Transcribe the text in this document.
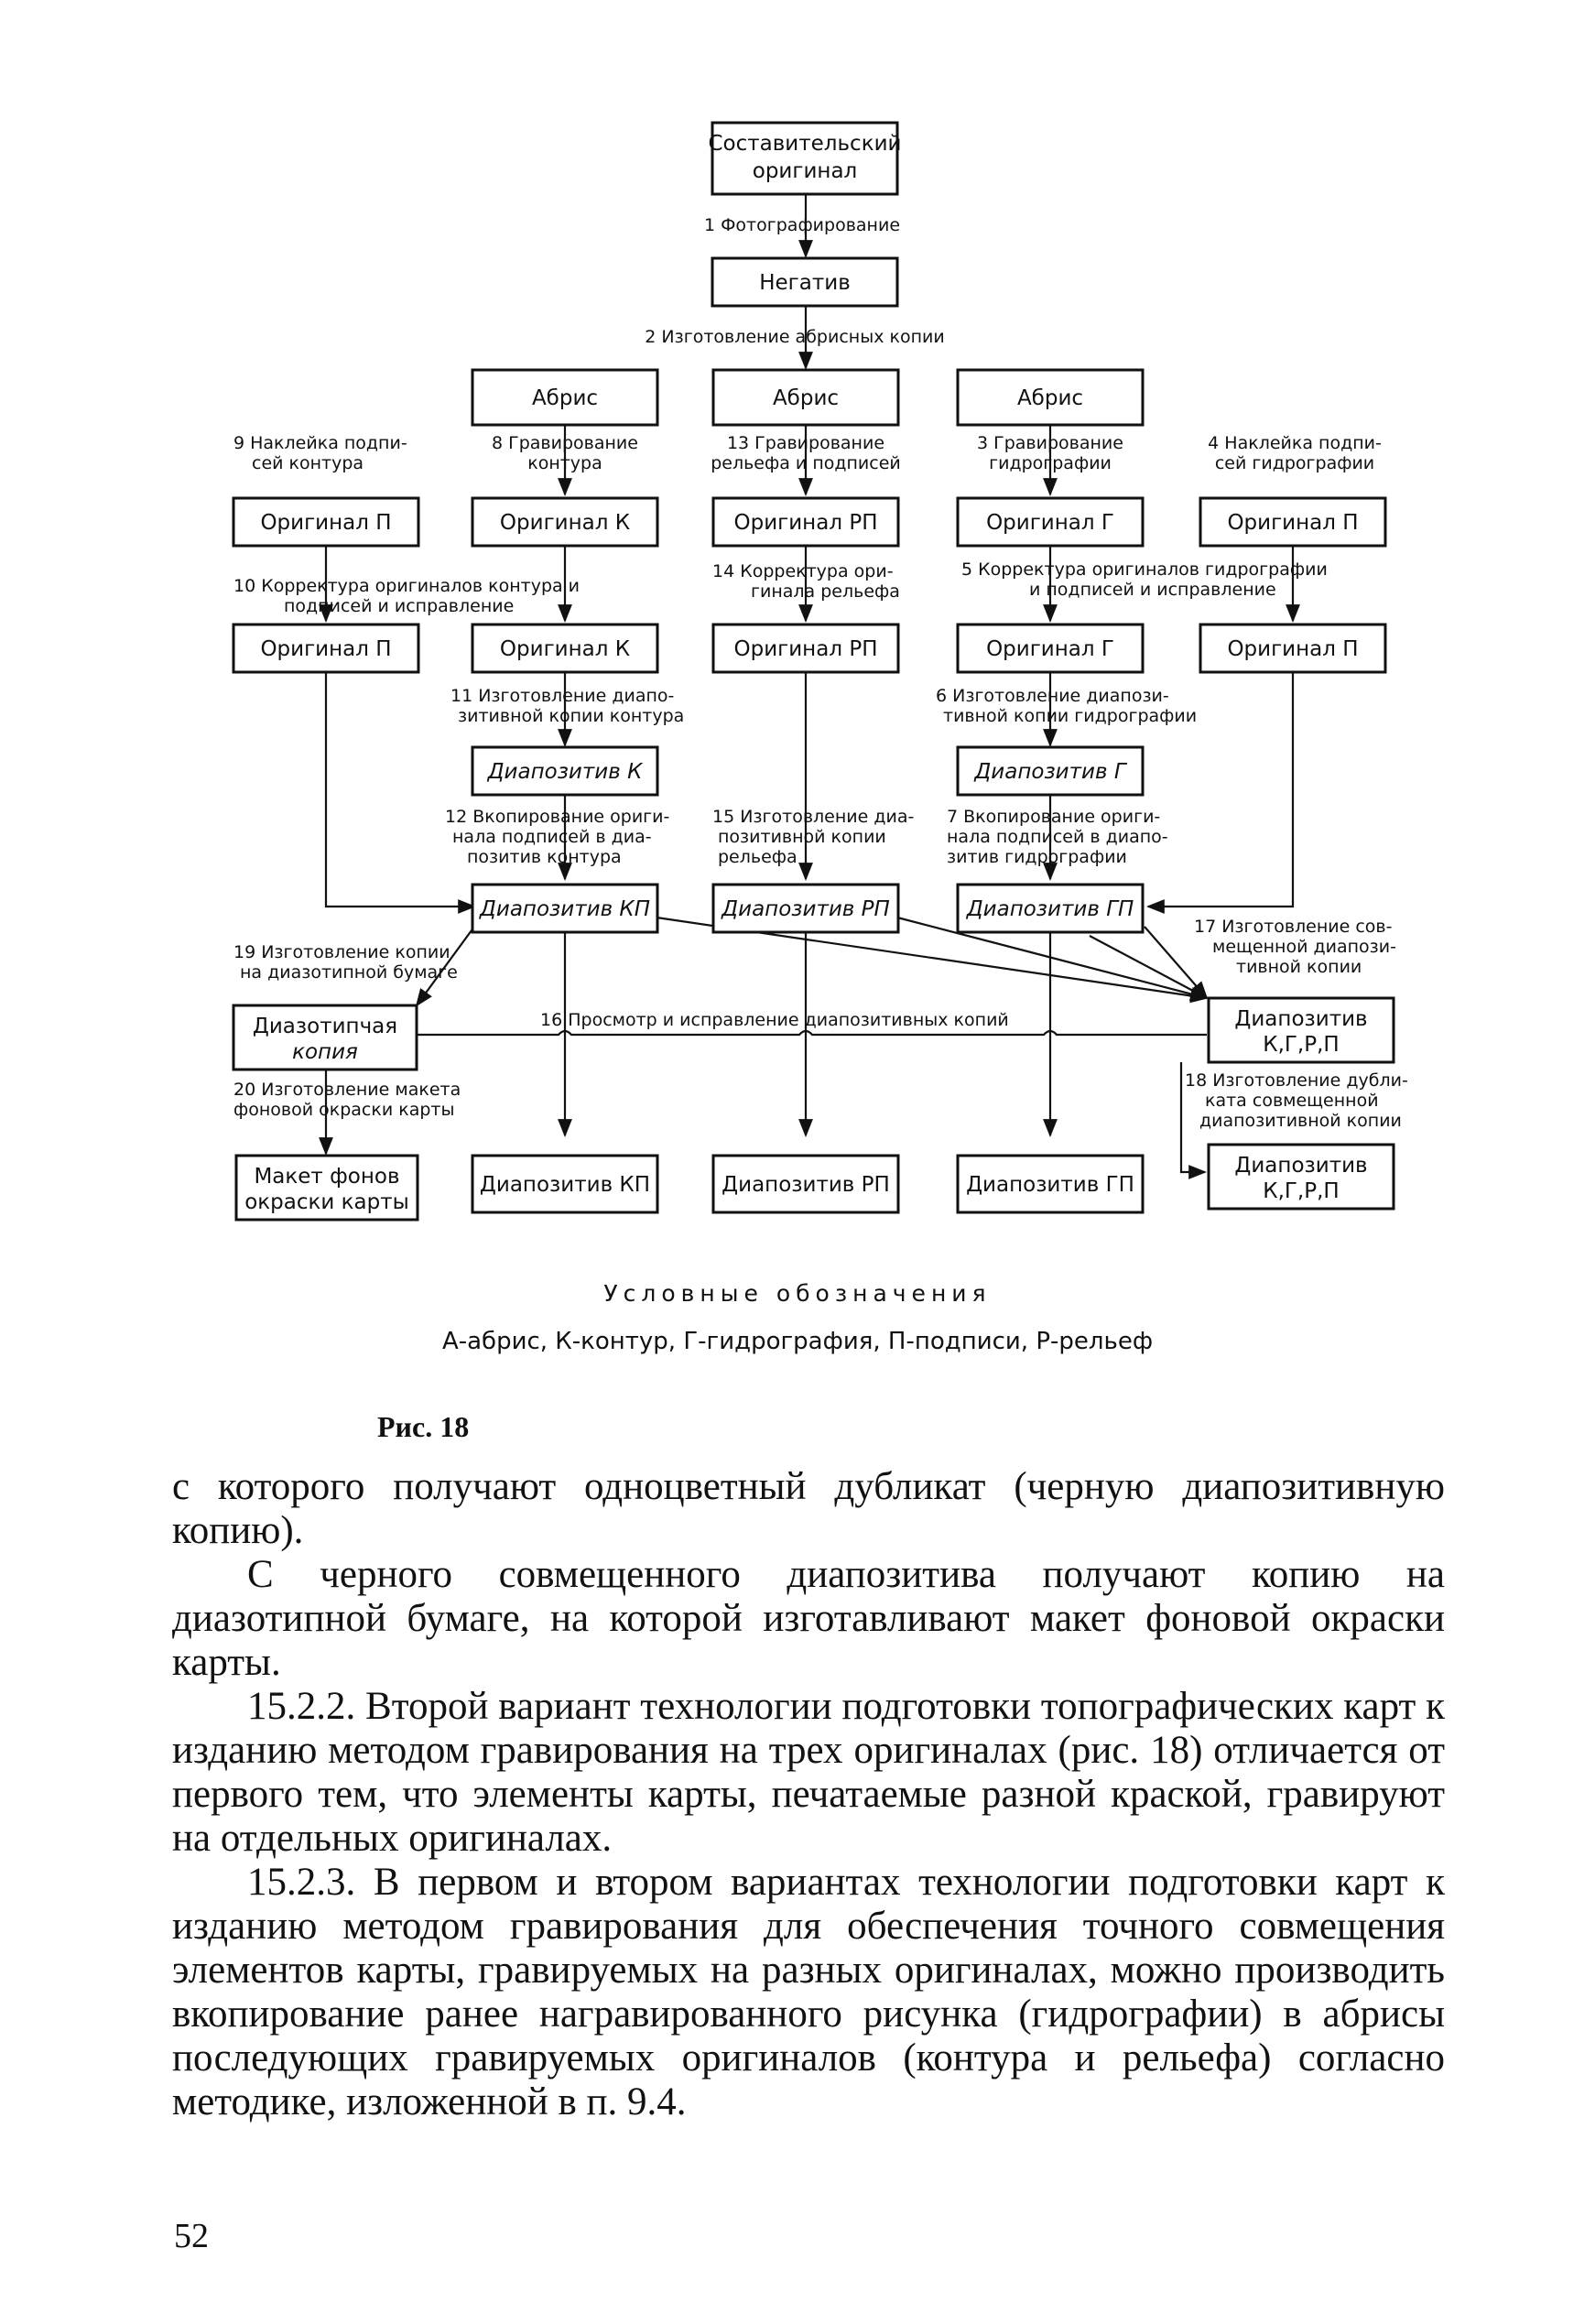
Составительский
оригинал
Негатив
Абрис	Абрис	Абрис
Оригинал П	Оригинал К	Оригинал РП	Оригинал Г	Оригинал П
Оригинал П	Оригинал К	Оригинал РП	Оригинал Г	Оригинал П
Диапозитив К	Диапозитив Г
Диапозитив КП	Диапозитив РП	Диапозитив ГП
Диазотипчая
копия
Диапозитив
К,Г,Р,П
Макет фонов
окраски карты
Диапозитив КП	Диапозитив РП	Диапозитив ГП
Диапозитив
К,Г,Р,П
1 Фотографирование
2 Изготовление абрисных копии
9 Наклейка подпи-
сей контура
8 Гравирование
контура
13 Гравирование
рельефа и подписей
3 Гравирование
гидрографии
4 Наклейка подпи-
сей гидрографии
10 Корректура оригиналов контура и
подписей и исправление
14 Корректура ори-
гинала рельефа
5 Корректура оригиналов гидрографии
и подписей и исправление
11 Изготовление диапо-
зитивной копии контура
6 Изготовление диапози-
тивной копии гидрографии
12 Вкопирование ориги-
нала подписей в диа-
позитив контура
15 Изготовление диа-
позитивной копии
рельефа
7 Вкопирование ориги-
нала подписей в диапо-
зитив гидрографии
17 Изготовление сов-
мещенной диапози-
тивной копии
19 Изготовление копии
на диазотипной бумаге
16 Просмотр и исправление диапозитивных копий
18 Изготовление дубли-
ката совмещенной
диапозитивной копии
20 Изготовление макета
фоновой окраски карты
Условные обозначения
А-абрис, К-контур, Г-гидрография, П-подписи, Р-рельеф
Рис. 18

с которого получают одноцветный дубликат (черную диапозитивную копию).

С черного совмещенного диапозитива получают копию на диазотипной бумаге, на которой изготавливают макет фоновой окраски карты.

15.2.2. Второй вариант технологии подготовки топографических карт к изданию методом гравирования на трех оригиналах (рис. 18) отличается от первого тем, что элементы карты, печатаемые разной краской, гравируют на отдельных оригиналах.

15.2.3. В первом и втором вариантах технологии подготовки карт к изданию методом гравирования для обеспечения точного совмещения элементов карты, гравируемых на разных оригиналах, можно производить вкопирование ранее награвированного рисунка (гидрографии) в абрисы последующих гравируемых оригиналов (контура и рельефа) согласно методике, изложенной в п. 9.4.

52
